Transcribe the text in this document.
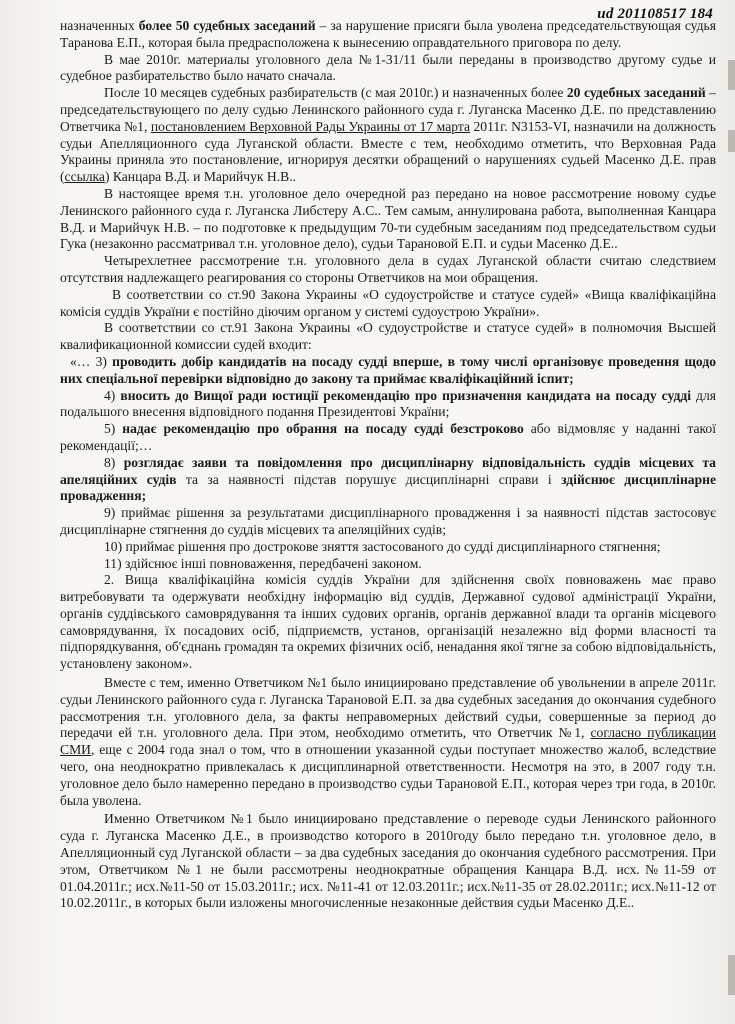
ud 201108517 184

назначенных более 50 судебных заседаний – за нарушение присяги была уволена председательствующая судья Таранова Е.П., которая была предрасположена к вынесению оправдательного приговора по делу.

В мае 2010г. материалы уголовного дела №1-31/11 были переданы в производство другому судье и судебное разбирательство было начато сначала.

После 10 месяцев судебных разбирательств (с мая 2010г.) и назначенных более 20 судебных заседаний – председательствующего по делу судью Ленинского районного суда г. Луганска Масенко Д.Е. по представлению Ответчика №1, постановлением Верховной Рады Украины от 17 марта 2011г. N3153-VI, назначили на должность судьи Апелляционного суда Луганской области. Вместе с тем, необходимо отметить, что Верховная Рада Украины приняла это постановление, игнорируя десятки обращений о нарушениях судьей Масенко Д.Е. прав (ссылка) Канцара В.Д. и Марийчук Н.В..

В настоящее время т.н. уголовное дело очередной раз передано на новое рассмотрение новому судье Ленинского районного суда г. Луганска Либстеру А.С.. Тем самым, аннулирована работа, выполненная Канцара В.Д. и Марийчук Н.В. – по подготовке к предыдущим 70-ти судебным заседаниям под председательством судьи Гука (незаконно рассматривал т.н. уголовное дело), судьи Тарановой Е.П. и судьи Масенко Д.Е..

Четырехлетнее рассмотрение т.н. уголовного дела в судах Луганской области считаю следствием отсутствия надлежащего реагирования со стороны Ответчиков на мои обращения.

В соответствии со ст.90 Закона Украины «О судоустройстве и статусе судей» «Вища кваліфікаційна комісія суддів України є постійно діючим органом у системі судоустрою України».

В соответствии со ст.91 Закона Украины «О судоустройстве и статусе судей» в полномочия Высшей квалификационной комиссии судей входит:

«… 3) проводить добір кандидатів на посаду судді вперше, в тому числі організовує проведення щодо них спеціальної перевірки відповідно до закону та приймає кваліфікаційний іспит;

4) вносить до Вищої ради юстиції рекомендацію про призначення кандидата на посаду судді для подальшого внесення відповідного подання Президентові України;

5) надає рекомендацію про обрання на посаду судді безстроково або відмовляє у наданні такої рекомендації;…

8) розглядає заяви та повідомлення про дисциплінарну відповідальність суддів місцевих та апеляційних судів та за наявності підстав порушує дисциплінарні справи і здійснює дисциплінарне провадження;

9) приймає рішення за результатами дисциплінарного провадження і за наявності підстав застосовує дисциплінарне стягнення до суддів місцевих та апеляційних судів;

10) приймає рішення про дострокове зняття застосованого до судді дисциплінарного стягнення;

11) здійснює інші повноваження, передбачені законом.

2. Вища кваліфікаційна комісія суддів України для здійснення своїх повноважень має право витребовувати та одержувати необхідну інформацію від суддів, Державної судової адміністрації України, органів суддівського самоврядування та інших судових органів, органів державної влади та органів місцевого самоврядування, їх посадових осіб, підприємств, установ, організацій незалежно від форми власності та підпорядкування, об'єднань громадян та окремих фізичних осіб, ненадання якої тягне за собою відповідальність, установлену законом».

Вместе с тем, именно Ответчиком №1 было инициировано представление об увольнении в апреле 2011г. судьи Ленинского районного суда г. Луганска Тарановой Е.П. за два судебных заседания до окончания судебного рассмотрения т.н. уголовного дела, за факты неправомерных действий судьи, совершенные за период до передачи ей т.н. уголовного дела. При этом, необходимо отметить, что Ответчик №1, согласно публикации СМИ, еще с 2004 года знал о том, что в отношении указанной судьи поступает множество жалоб, вследствие чего, она неоднократно привлекалась к дисциплинарной ответственности. Несмотря на это, в 2007 году т.н. уголовное дело было намеренно передано в производство судьи Тарановой Е.П., которая через три года, в 2010г. была уволена.

Именно Ответчиком №1 было инициировано представление о переводе судьи Ленинского районного суда г. Луганска Масенко Д.Е., в производство которого в 2010году было передано т.н. уголовное дело, в Апелляционный суд Луганской области – за два судебных заседания до окончания судебного рассмотрения. При этом, Ответчиком №1 не были рассмотрены неоднократные обращения Канцара В.Д. исх.№11-59 от 01.04.2011г.; исх.№11-50 от 15.03.2011г.; исх. №11-41 от 12.03.2011г.; исх.№11-35 от 28.02.2011г.; исх.№11-12 от 10.02.2011г., в которых были изложены многочисленные незаконные действия судьи Масенко Д.Е..
